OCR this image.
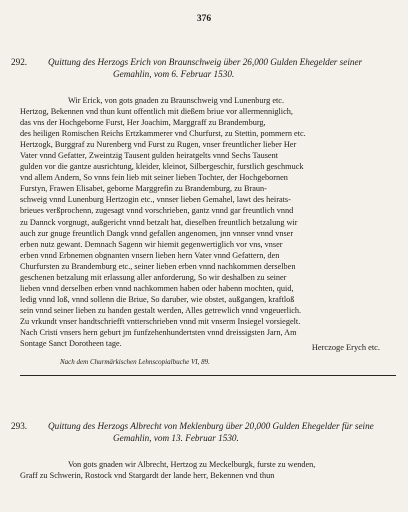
376
292. Quittung des Herzogs Erich von Braunschweig über 26,000 Gulden Ehegelder seiner
Gemahlin, vom 6. Februar 1530.
Wir Erick, von gots gnaden zu Braunschweig vnd Lunenburg etc.
Hertzog, Bekennen vnd thun kunt offentlich mit dießem briue vor allermenniglich,
das vns der Hochgeborne Furst, Her Joachim, Marggraff zu Brandemburg,
des heiligen Romischen Reichs Ertzkammerer vnd Churfurst, zu Stettin, pommern etc.
Hertzogk, Burggraf zu Nurenberg vnd Furst zu Rugen, vnser freuntlicher lieber Her
Vater vnnd Gefatter, Zweintzig Tausent gulden heiratgelts vnnd Sechs Tausent
gulden vor die gantze ausrichtung, kleider, kleinot, Silbergeschir, furstlich geschmuck
vnd allem Andern, So vnns fein lieb mit seiner lieben Tochter, der Hochgebornen
Furstyn, Frawen Elisabet, geborne Marggrefin zu Brandemburg, zu Braun-
schweig vnnd Lunenburg Hertzogin etc., vnnser lieben Gemahel, lawt des heirats-
brieues verßprochenn, zugesagt vnnd vorschrieben, gantz vnnd gar freuntlich vnnd
zu Dannck vorgnugt, außgericht vnnd betzalt hat, dieselben freuntlich betzalung wir
auch zur gnuge freuntlich Dangk vnnd gefallen angenomen, jnn vnnser vnnd vnser
erben nutz gewant. Demnach Sagenn wir hiemit gegenwertiglich vor vns, vnser
erben vnnd Erbnemen obgnanten vnsern lieben hern Vater vnnd Gefattern, den
Churfursten zu Brandemburg etc., seiner lieben erben vnnd nachkommen derselben
geschenen betzalung mit erlassung aller anforderung, So wir deshalben zu seiner
lieben vnnd derselben erben vnnd nachkommen haben oder habenn mochten, quid,
ledig vnnd loß, vnnd sollenn die Briue, So daruber, wie obstet, außgangen, kraftloß
sein vnnd seiner lieben zu handen gestalt werden, Alles getrewlich vnnd vngeuerlich.
Zu vrkundt vnser handtschriefft vntterschrieben vnnd mit vnserm Insiegel vorsiegelt.
Nach Cristi vnsers hern geburt jm funfzehenhundertsten vnnd dreissigsten Jarn, Am
Sontage Sanct Dorotheen tage.	Herczoge Erych etc.
Nach dem Churmärkischen Lehnscopialbuche VI, 89.
293. Quittung des Herzogs Albrecht von Meklenburg über 20,000 Gulden Ehegelder für seine
Gemahlin, vom 13. Februar 1530.
Von gots gnaden wir Albrecht, Hertzog zu Meckelburgk, furste zu wenden,
Graff zu Schwerin, Rostock vnd Stargardt der lande herr, Bekennen vnd thun
